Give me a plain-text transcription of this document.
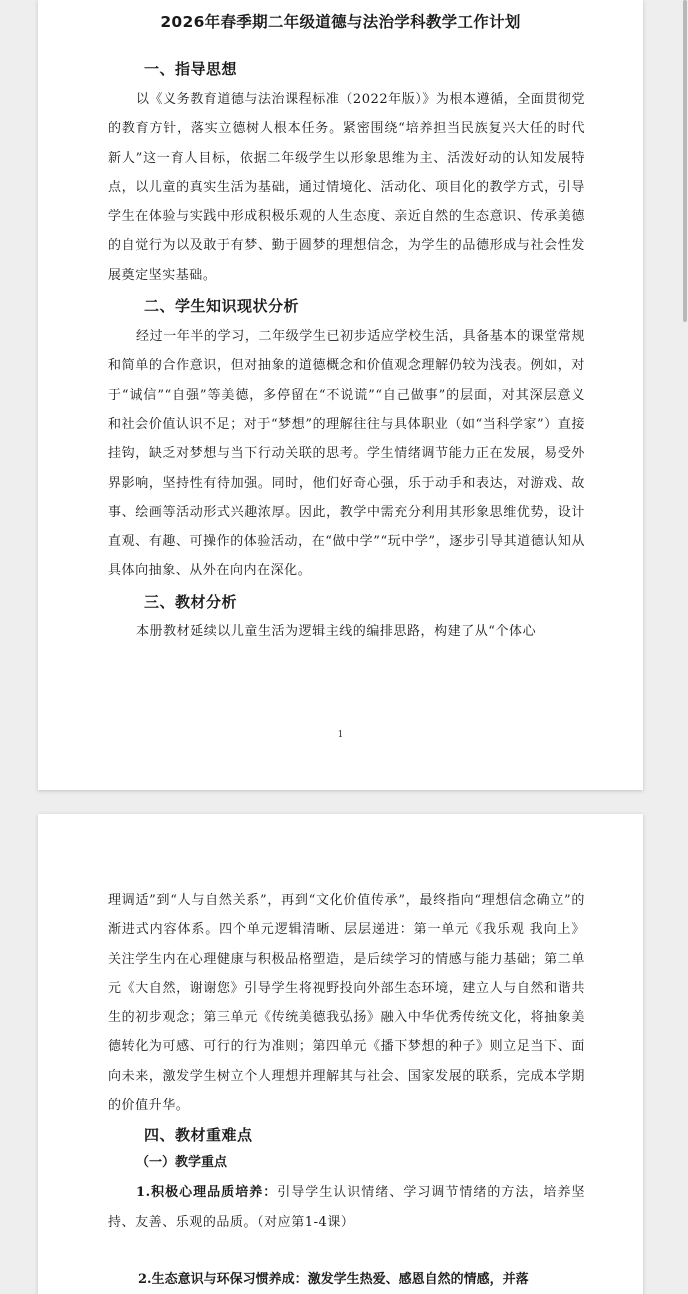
2026年春季期二年级道德与法治学科教学工作计划
一、指导思想

以《义务教育道德与法治课程标准（2022年版）》为根本遵循，全面贯彻党的教育方针，落实立德树人根本任务。紧密围绕“培养担当民族复兴大任的时代新人”这一育人目标，依据二年级学生以形象思维为主、活泼好动的认知发展特点，以儿童的真实生活为基础，通过情境化、活动化、项目化的教学方式，引导学生在体验与实践中形成积极乐观的人生态度、亲近自然的生态意识、传承美德的自觉行为以及敢于有梦、勤于圆梦的理想信念，为学生的品德形成与社会性发展奠定坚实基础。

二、学生知识现状分析

经过一年半的学习，二年级学生已初步适应学校生活，具备基本的课堂常规和简单的合作意识，但对抽象的道德概念和价值观念理解仍较为浅表。例如，对于“诚信”“自强”等美德，多停留在“不说谎”“自己做事”的层面，对其深层意义和社会价值认识不足；对于“梦想”的理解往往与具体职业（如“当科学家”）直接挂钩，缺乏对梦想与当下行动关联的思考。学生情绪调节能力正在发展，易受外界影响，坚持性有待加强。同时，他们好奇心强，乐于动手和表达，对游戏、故事、绘画等活动形式兴趣浓厚。因此，教学中需充分利用其形象思维优势，设计直观、有趣、可操作的体验活动，在“做中学”“玩中学”，逐步引导其道德认知从具体向抽象、从外在向内在深化。

三、教材分析

本册教材延续以儿童生活为逻辑主线的编排思路，构建了从“个体心

1

理调适”到“人与自然关系”，再到“文化价值传承”，最终指向“理想信念确立”的渐进式内容体系。四个单元逻辑清晰、层层递进：第一单元《我乐观 我向上》关注学生内在心理健康与积极品格塑造，是后续学习的情感与能力基础；第二单元《大自然，谢谢您》引导学生将视野投向外部生态环境，建立人与自然和谐共生的初步观念；第三单元《传统美德我弘扬》融入中华优秀传统文化，将抽象美德转化为可感、可行的行为准则；第四单元《播下梦想的种子》则立足当下、面向未来，激发学生树立个人理想并理解其与社会、国家发展的联系，完成本学期的价值升华。

四、教材重难点
（一）教学重点

1.积极心理品质培养：引导学生认识情绪、学习调节情绪的方法，培养坚持、友善、乐观的品质。（对应第1-4课）

2.生态意识与环保习惯养成：激发学生热爱、感恩自然的情感，并落
